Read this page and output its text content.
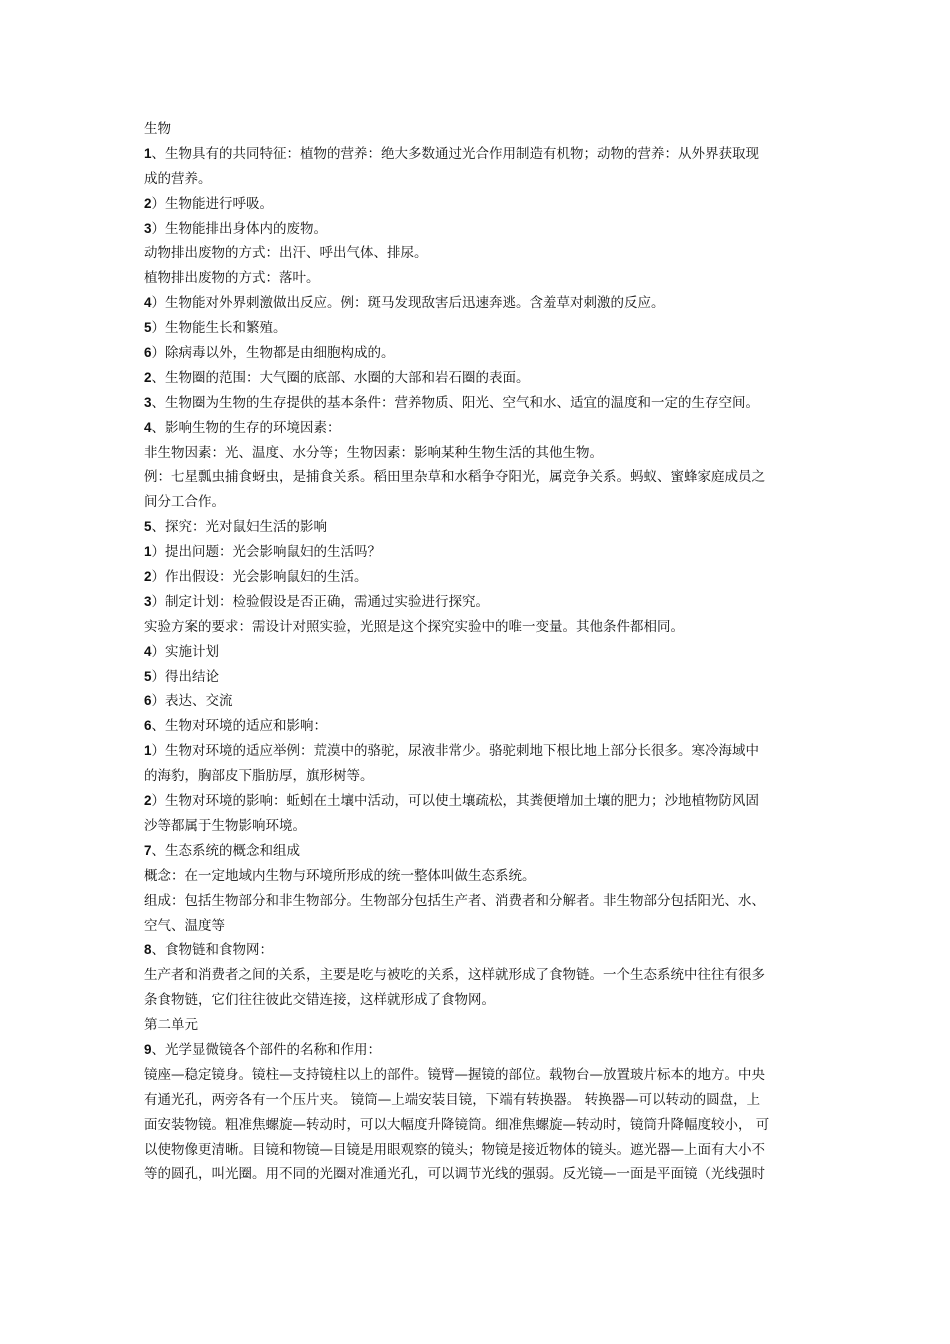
生物
1、生物具有的共同特征：植物的营养：绝大多数通过光合作用制造有机物；动物的营养：从外界获取现
成的营养。
2）生物能进行呼吸。
3）生物能排出身体内的废物。
动物排出废物的方式：出汗、呼出气体、排尿。
植物排出废物的方式：落叶。
4）生物能对外界刺激做出反应。例：斑马发现敌害后迅速奔逃。含羞草对刺激的反应。
5）生物能生长和繁殖。
6）除病毒以外，生物都是由细胞构成的。
2、生物圈的范围：大气圈的底部、水圈的大部和岩石圈的表面。
3、生物圈为生物的生存提供的基本条件：营养物质、阳光、空气和水、适宜的温度和一定的生存空间。
4、影响生物的生存的环境因素：
非生物因素：光、温度、水分等；生物因素：影响某种生物生活的其他生物。
例：七星瓢虫捕食蚜虫，是捕食关系。稻田里杂草和水稻争夺阳光，属竞争关系。蚂蚁、蜜蜂家庭成员之
间分工合作。
5、探究：光对鼠妇生活的影响
1）提出问题：光会影响鼠妇的生活吗？
2）作出假设：光会影响鼠妇的生活。
3）制定计划：检验假设是否正确，需通过实验进行探究。
实验方案的要求：需设计对照实验，光照是这个探究实验中的唯一变量。其他条件都相同。
4）实施计划
5）得出结论
6）表达、交流
6、生物对环境的适应和影响：
1）生物对环境的适应举例：荒漠中的骆驼，尿液非常少。骆驼刺地下根比地上部分长很多。寒冷海域中
的海豹，胸部皮下脂肪厚，旗形树等。
2）生物对环境的影响：蚯蚓在土壤中活动，可以使土壤疏松，其粪便增加土壤的肥力；沙地植物防风固
沙等都属于生物影响环境。
7、生态系统的概念和组成
概念：在一定地域内生物与环境所形成的统一整体叫做生态系统。
组成：包括生物部分和非生物部分。生物部分包括生产者、消费者和分解者。非生物部分包括阳光、水、
空气、温度等
8、食物链和食物网：
生产者和消费者之间的关系，主要是吃与被吃的关系，这样就形成了食物链。一个生态系统中往往有很多
条食物链，它们往往彼此交错连接，这样就形成了食物网。
第二单元
9、光学显微镜各个部件的名称和作用：
镜座—稳定镜身。镜柱—支持镜柱以上的部件。镜臂—握镜的部位。载物台—放置玻片标本的地方。中央
有通光孔，两旁各有一个压片夹。 镜筒—上端安装目镜，下端有转换器。 转换器—可以转动的圆盘，上
面安装物镜。粗准焦螺旋—转动时，可以大幅度升降镜筒。细准焦螺旋—转动时，镜筒升降幅度较小， 可
以使物像更清晰。目镜和物镜—目镜是用眼观察的镜头；物镜是接近物体的镜头。遮光器—上面有大小不
等的圆孔，叫光圈。用不同的光圈对准通光孔，可以调节光线的强弱。反光镜—一面是平面镜（光线强时
